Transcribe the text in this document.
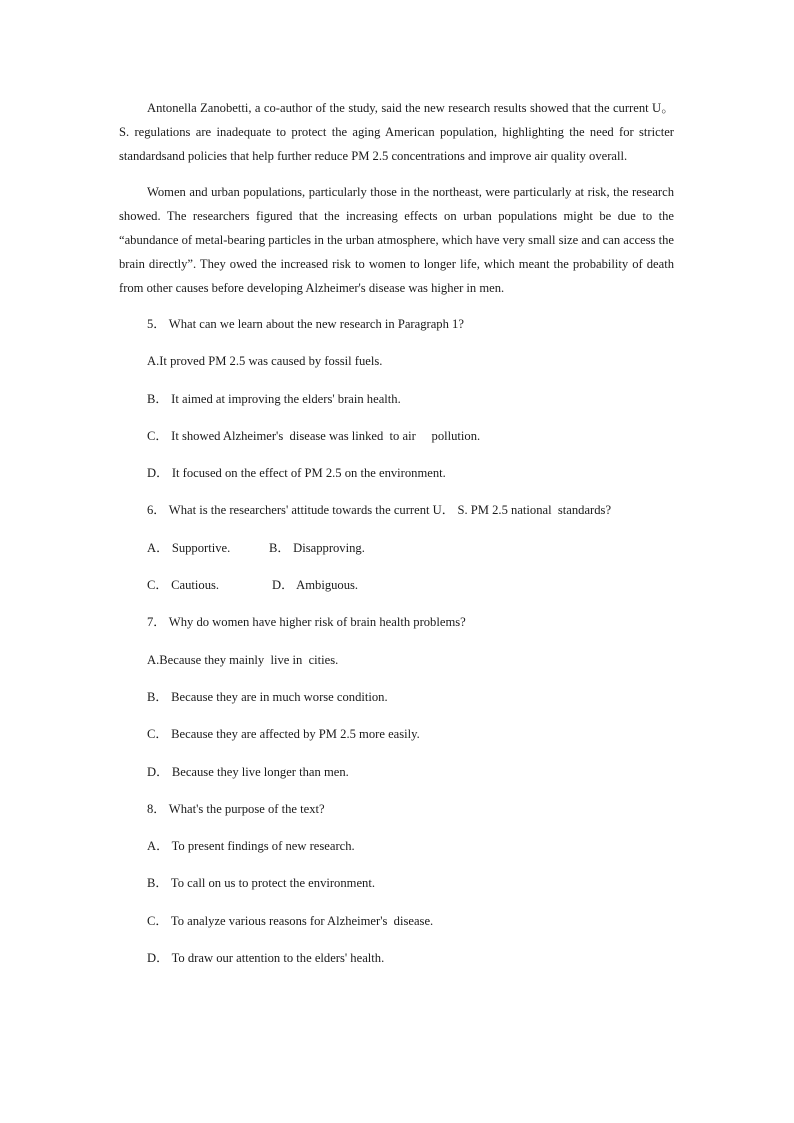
Antonella Zanobetti, a co-author of the study, said the new research results showed that the current U。S. regulations are inadequate to protect the aging American population, highlighting the need for stricter standardsand policies that help further reduce PM 2.5 concentrations and improve air quality overall.

Women and urban populations, particularly those in the northeast, were particularly at risk, the research showed. The researchers figured that the increasing effects on urban populations might be due to the “abundance of metal-bearing particles in the urban atmosphere, which have very small size and can access the brain directly”. They owed the increased risk to women to longer life, which meant the probability of death from other causes before developing Alzheimer's disease was higher in men.

5． What can we learn about the new research in Paragraph 1?
A.It proved PM 2.5 was caused by fossil fuels.
B． It aimed at improving the elders' brain health.
C． It showed Alzheimer's  disease was linked  to air     pollution.
D． It focused on the effect of PM 2.5 on the environment.
6． What is the researchers' attitude towards the current U． S. PM 2.5 national  standards?
A． Supportive.	B． Disapproving.
C． Cautious.	D． Ambiguous.
7． Why do women have higher risk of brain health problems?
A.Because they mainly  live in  cities.
B． Because they are in much worse condition.
C． Because they are affected by PM 2.5 more easily.
D． Because they live longer than men.
8． What's the purpose of the text?
A． To present findings of new research.
B． To call on us to protect the environment.
C． To analyze various reasons for Alzheimer's  disease.
D． To draw our attention to the elders' health.
